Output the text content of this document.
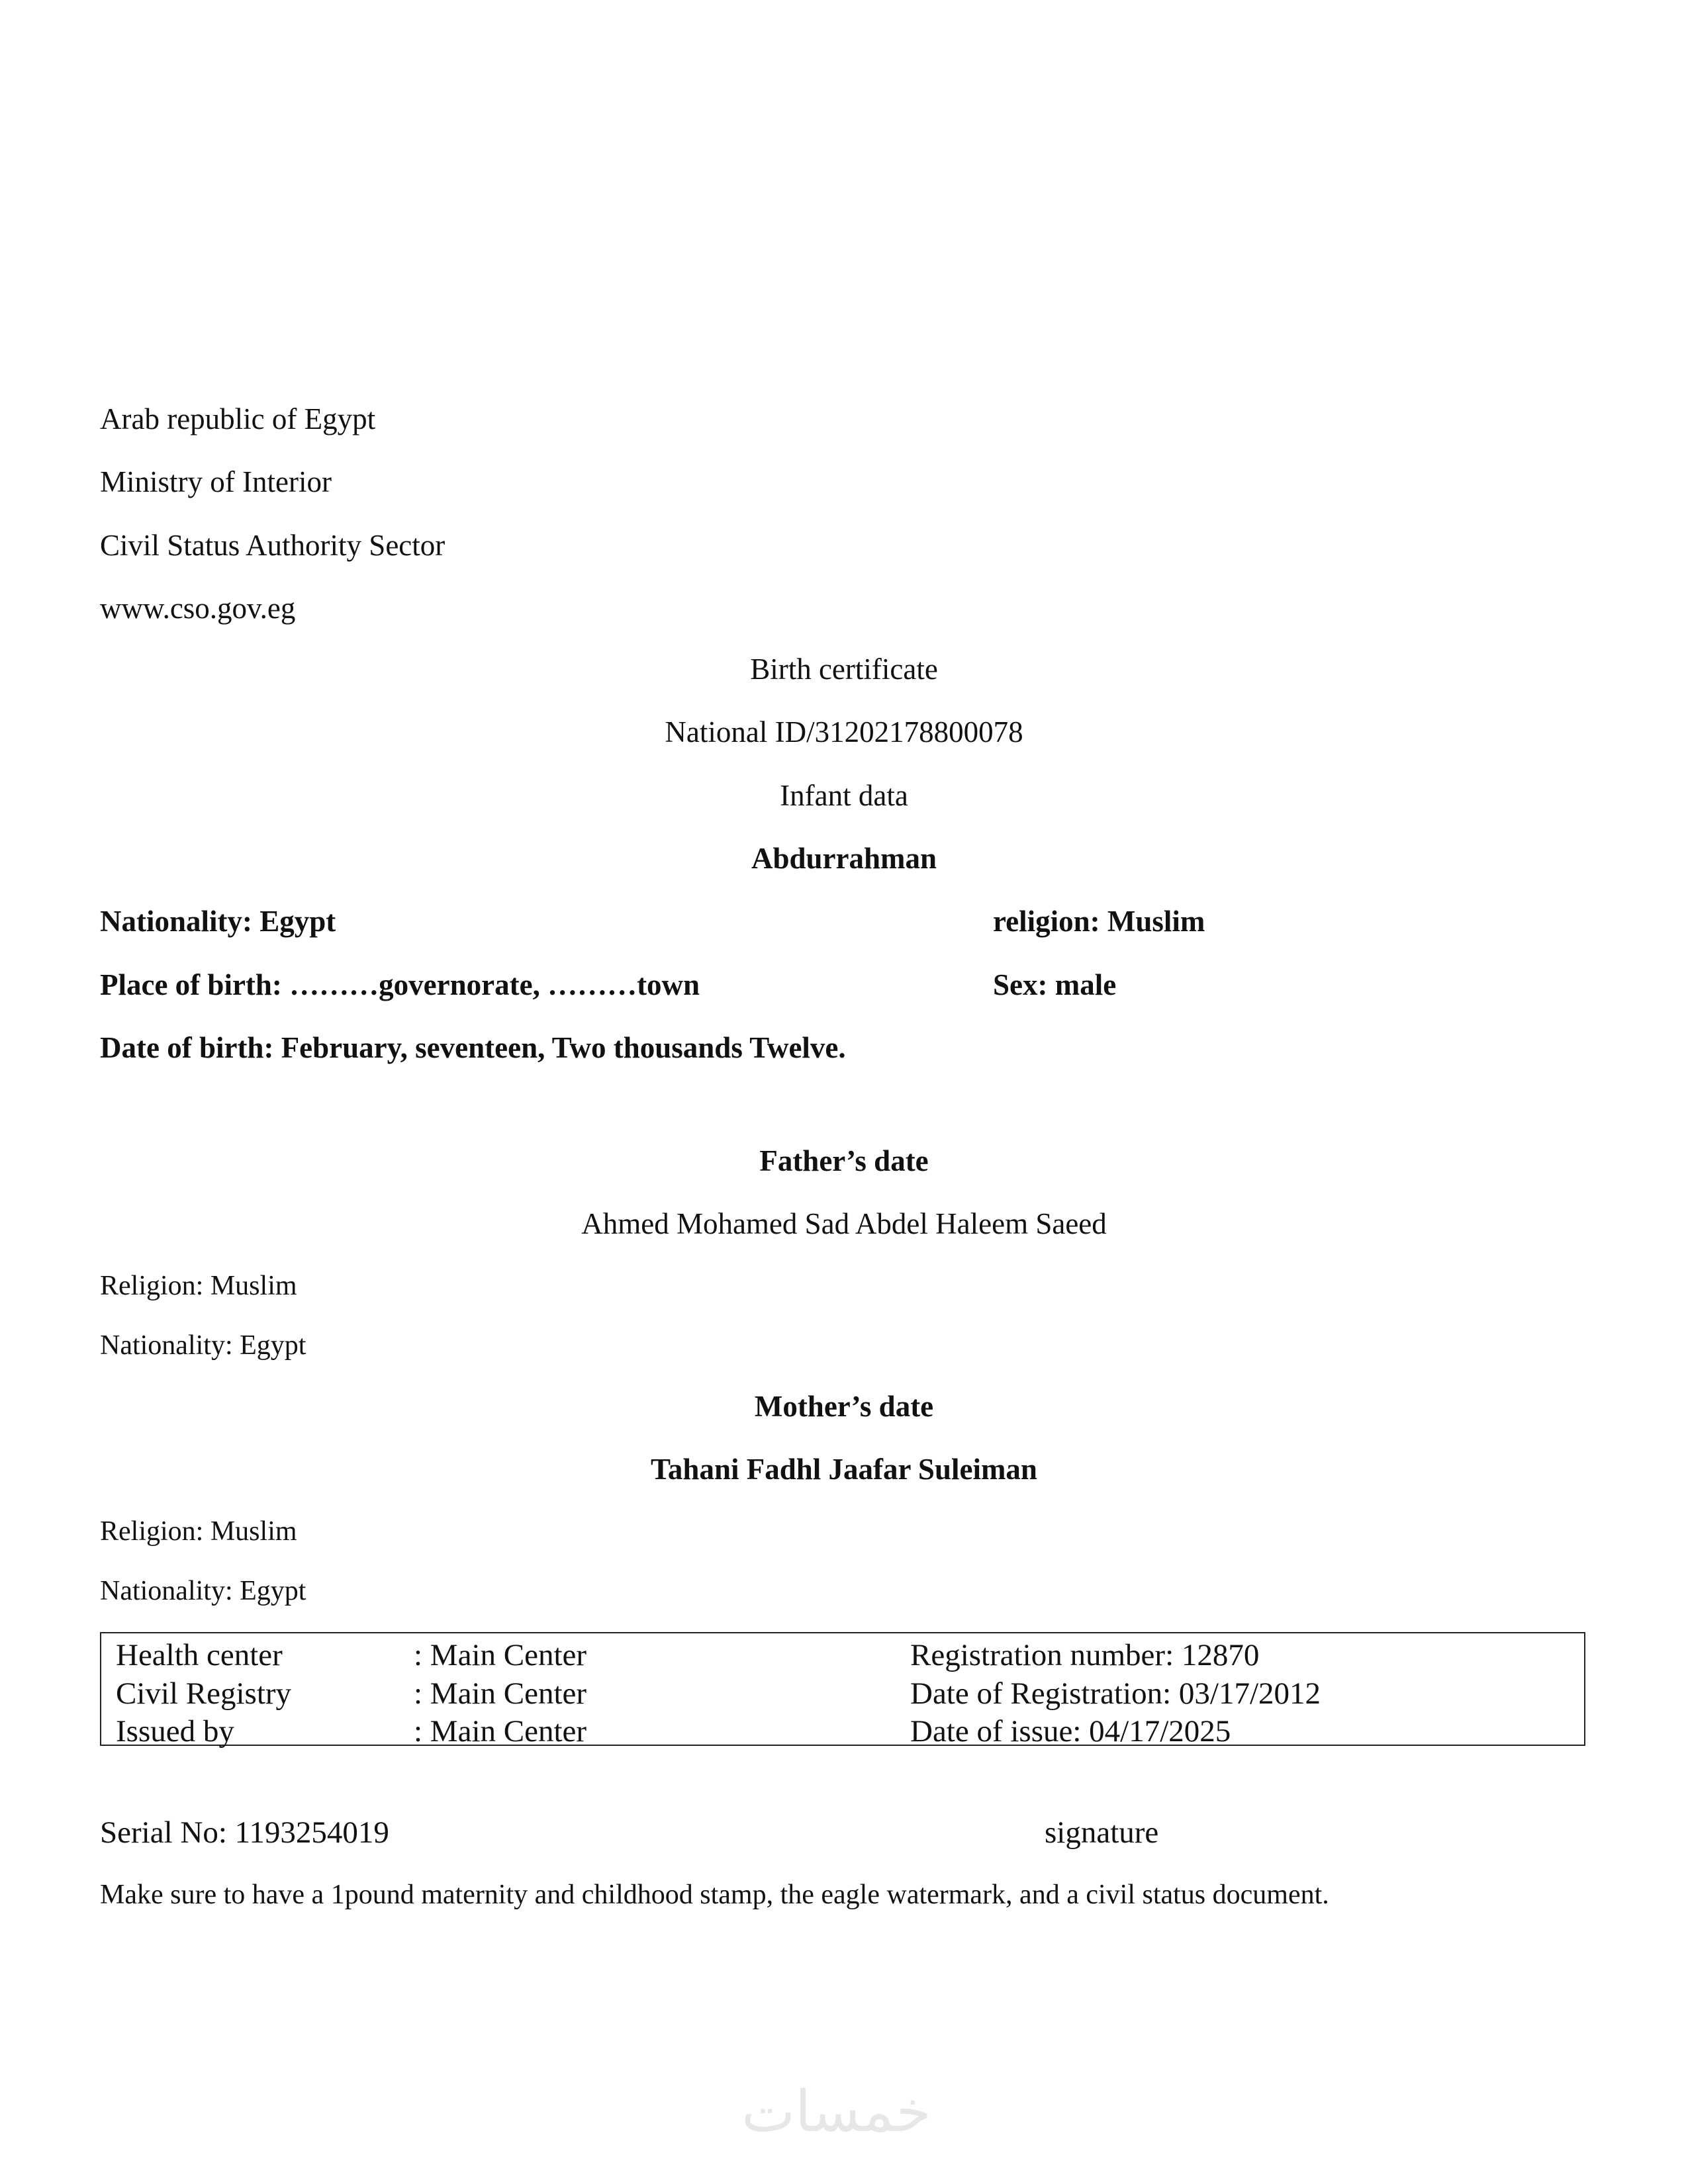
Arab republic of Egypt
Ministry of Interior
Civil Status Authority Sector
www.cso.gov.eg
Birth certificate
National ID/31202178800078
Infant data
Abdurrahman
Nationality: Egypt	religion: Muslim
Place of birth: ………governorate, ………town	Sex: male
Date of birth: February, seventeen, Two thousands Twelve.
Father’s date
Ahmed Mohamed Sad Abdel Haleem Saeed
Religion: Muslim
Nationality: Egypt
Mother’s date
Tahani Fadhl Jaafar Suleiman
Religion: Muslim
Nationality: Egypt
Health center	: Main Center	Registration number: 12870
Civil Registry	: Main Center	Date of Registration: 03/17/2012
Issued by	: Main Center	Date of issue: 04/17/2025
Serial No: 1193254019	signature
Make sure to have a 1pound maternity and childhood stamp, the eagle watermark, and a civil status document.
خمسات
